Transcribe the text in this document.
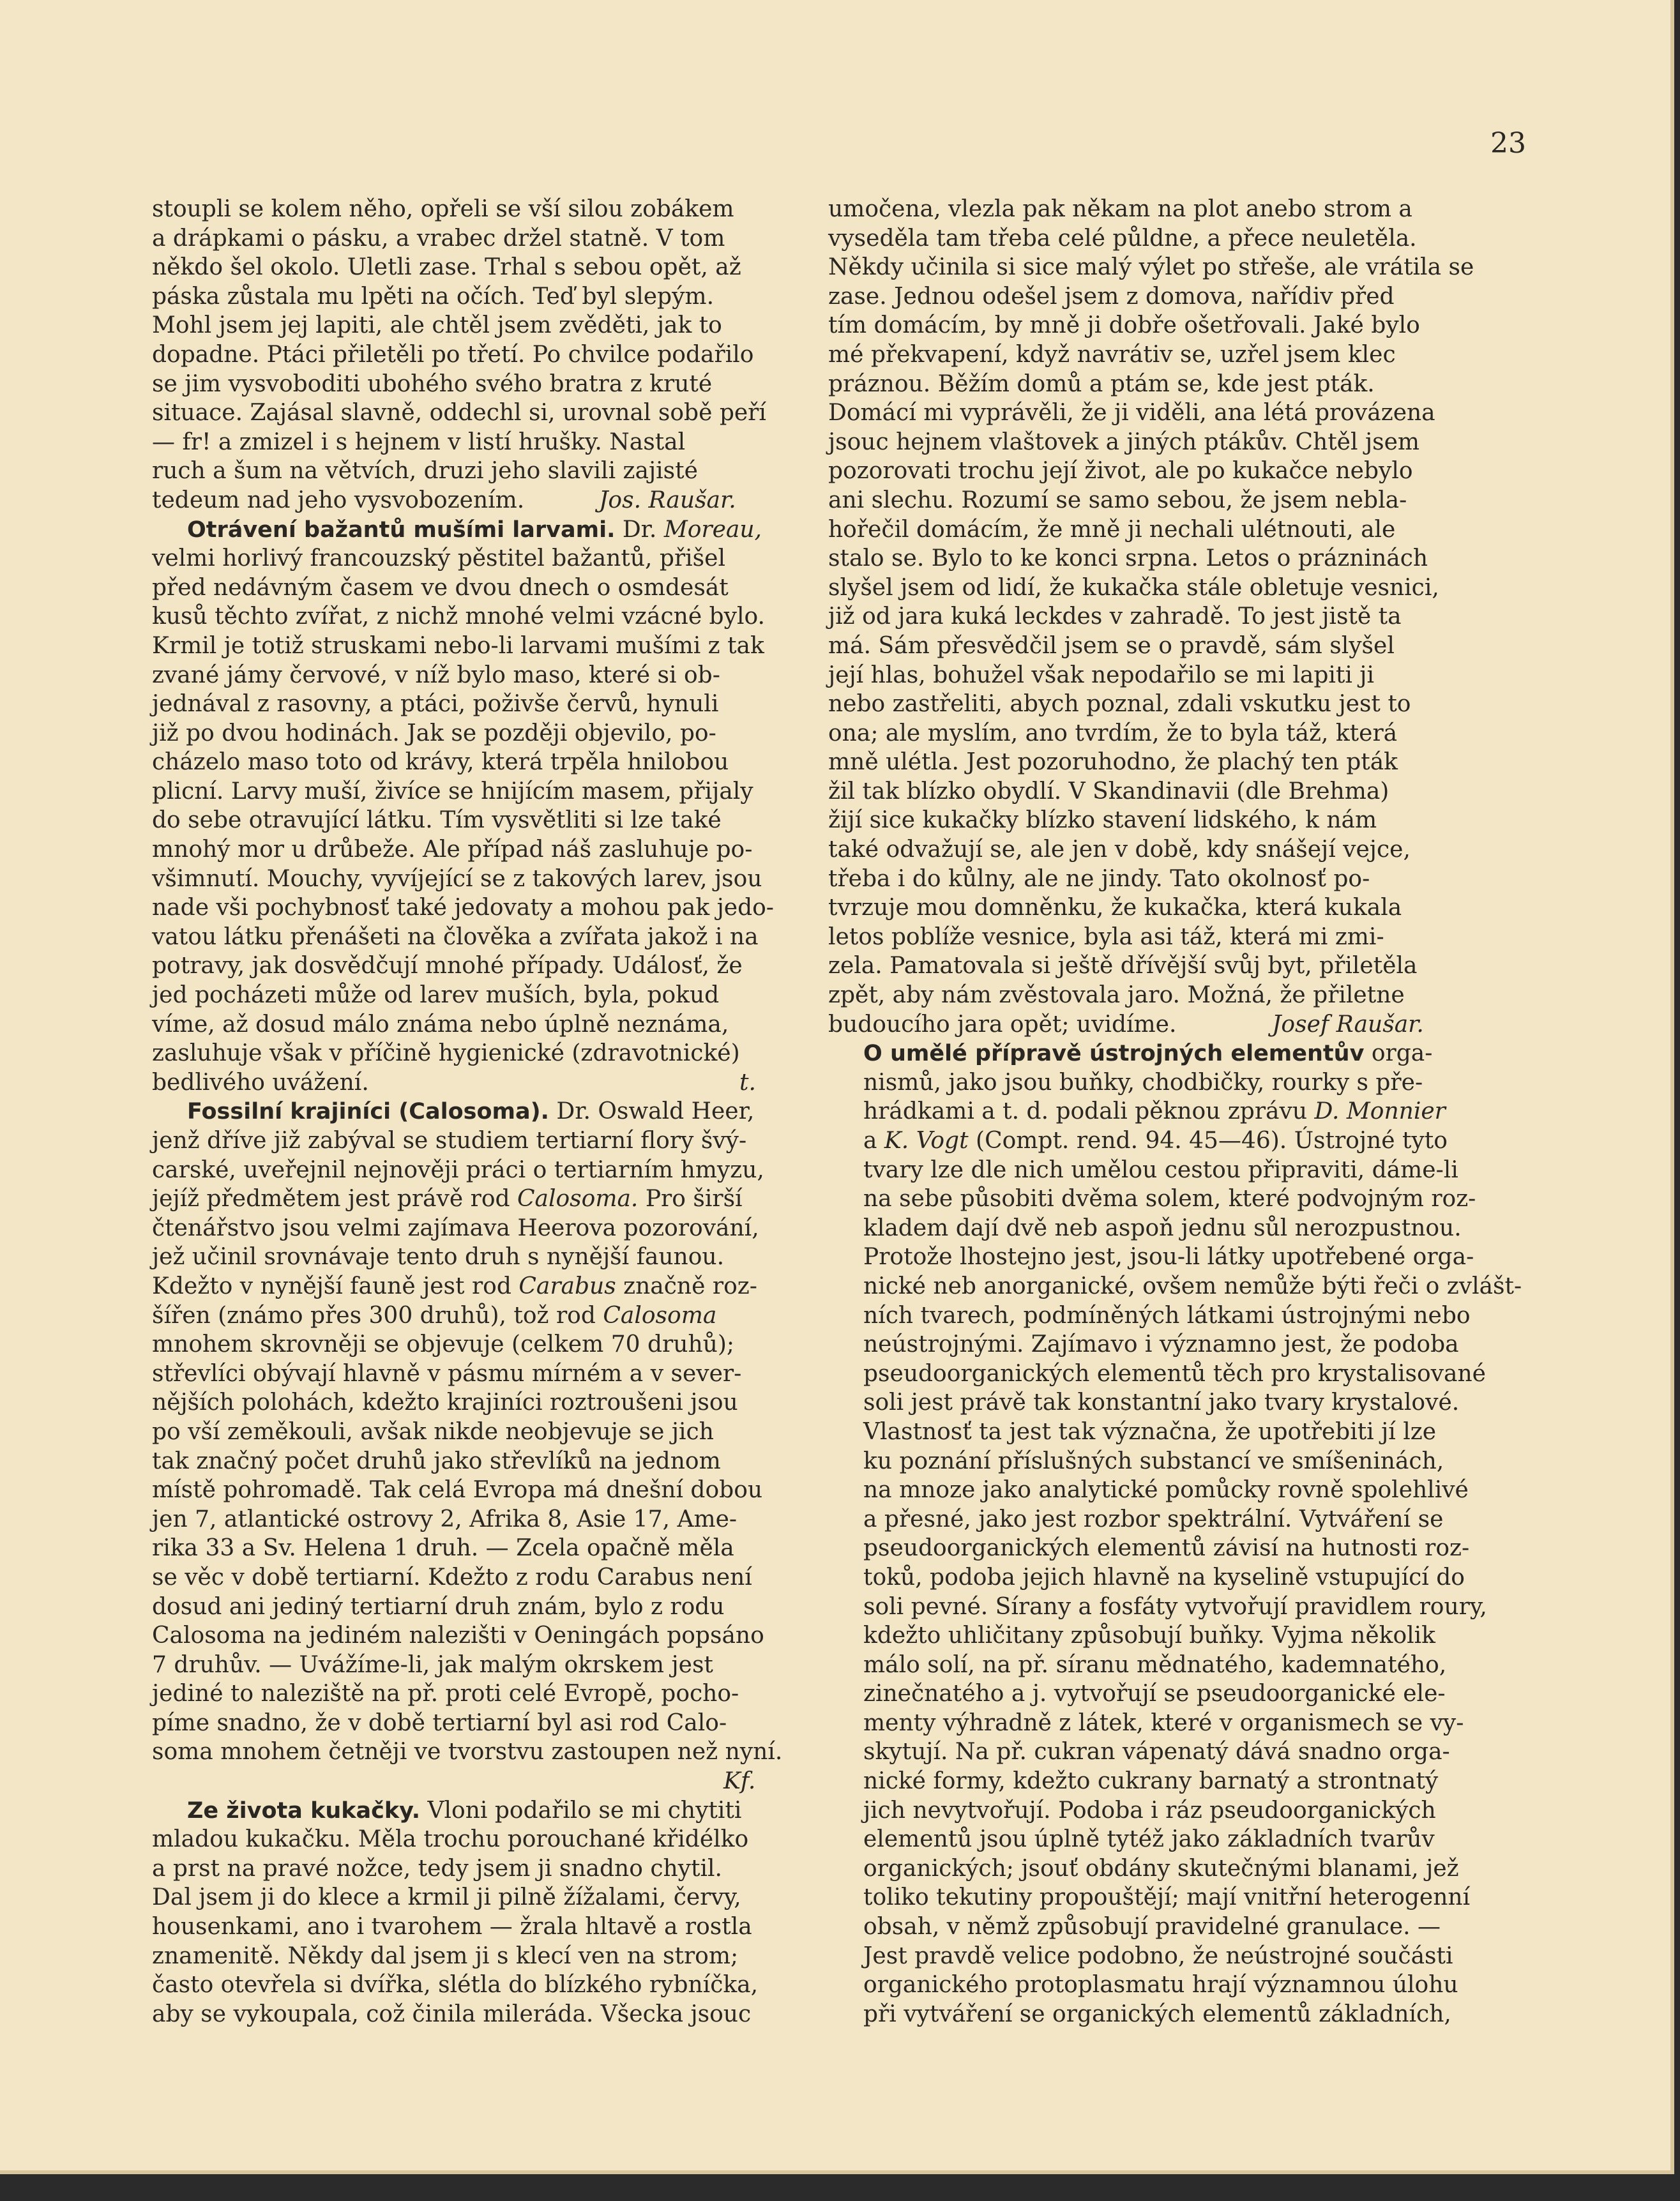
23
stoupli se kolem něho, opřeli se vší silou zobákem
a drápkami o pásku, a vrabec držel statně. V tom
někdo šel okolo. Uletli zase. Trhal s sebou opět, až
páska zůstala mu lpěti na očích. Teď byl slepým.
Mohl jsem jej lapiti, ale chtěl jsem zvěděti, jak to
dopadne. Ptáci přiletěli po třetí. Po chvilce podařilo
se jim vysvoboditi ubohého svého bratra z kruté
situace. Zajásal slavně, oddechl si, urovnal sobě peří
— fr! a zmizel i s hejnem v listí hrušky. Nastal
ruch a šum na větvích, druzi jeho slavili zajisté
tedeum nad jeho vysvobozením.	Jos. Raušar.
Otrávení bažantů mušími larvami. Dr. Moreau,
velmi horlivý francouzský pěstitel bažantů, přišel
před nedávným časem ve dvou dnech o osmdesát
kusů těchto zvířat, z nichž mnohé velmi vzácné bylo.
Krmil je totiž struskami nebo-li larvami mušími z tak
zvané jámy červové, v níž bylo maso, které si ob-
jednával z rasovny, a ptáci, poživše červů, hynuli
již po dvou hodinách. Jak se později objevilo, po-
cházelo maso toto od krávy, která trpěla hnilobou
plicní. Larvy muší, živíce se hnijícím masem, přijaly
do sebe otravující látku. Tím vysvětliti si lze také
mnohý mor u drůbeže. Ale případ náš zasluhuje po-
všimnutí. Mouchy, vyvíjející se z takových larev, jsou
nade vši pochybnosť také jedovaty a mohou pak jedo-
vatou látku přenášeti na člověka a zvířata jakož i na
potravy, jak dosvědčují mnohé případy. Událosť, že
jed pocházeti může od larev muších, byla, pokud
víme, až dosud málo známa nebo úplně neznáma,
zasluhuje však v příčině hygienické (zdravotnické)
bedlivého uvážení.	t.
Fossilní krajiníci (Calosoma). Dr. Oswald Heer,
jenž dříve již zabýval se studiem tertiarní flory švý-
carské, uveřejnil nejnověji práci o tertiarním hmyzu,
jejíž předmětem jest právě rod Calosoma. Pro širší
čtenářstvo jsou velmi zajímava Heerova pozorování,
jež učinil srovnávaje tento druh s nynější faunou.
Kdežto v nynější fauně jest rod Carabus značně roz-
šířen (známo přes 300 druhů), tož rod Calosoma
mnohem skrovněji se objevuje (celkem 70 druhů);
střevlíci obývají hlavně v pásmu mírném a v sever-
nějších polohách, kdežto krajiníci roztroušeni jsou
po vší zeměkouli, avšak nikde neobjevuje se jich
tak značný počet druhů jako střevlíků na jednom
místě pohromadě. Tak celá Evropa má dnešní dobou
jen 7, atlantické ostrovy 2, Afrika 8, Asie 17, Ame-
rika 33 a Sv. Helena 1 druh. — Zcela opačně měla
se věc v době tertiarní. Kdežto z rodu Carabus není
dosud ani jediný tertiarní druh znám, bylo z rodu
Calosoma na jediném nalezišti v Oeningách popsáno
7 druhův. — Uvážíme-li, jak malým okrskem jest
jediné to naleziště na př. proti celé Evropě, pocho-
píme snadno, že v době tertiarní byl asi rod Calo-
soma mnohem četněji ve tvorstvu zastoupen než nyní.
Kf.
Ze života kukačky. Vloni podařilo se mi chytiti
mladou kukačku. Měla trochu porouchané křidélko
a prst na pravé nožce, tedy jsem ji snadno chytil.
Dal jsem ji do klece a krmil ji pilně žížalami, červy,
housenkami, ano i tvarohem — žrala hltavě a rostla
znamenitě. Někdy dal jsem ji s klecí ven na strom;
často otevřela si dvířka, slétla do blízkého rybníčka,
aby se vykoupala, což činila mileráda. Všecka jsouc
umočena, vlezla pak někam na plot anebo strom a
vyseděla tam třeba celé půldne, a přece neuletěla.
Někdy učinila si sice malý výlet po střeše, ale vrátila se
zase. Jednou odešel jsem z domova, nařídiv před
tím domácím, by mně ji dobře ošetřovali. Jaké bylo
mé překvapení, když navrátiv se, uzřel jsem klec
práznou. Běžím domů a ptám se, kde jest pták.
Domácí mi vyprávěli, že ji viděli, ana létá provázena
jsouc hejnem vlaštovek a jiných ptákův. Chtěl jsem
pozorovati trochu její život, ale po kukačce nebylo
ani slechu. Rozumí se samo sebou, že jsem nebla-
hořečil domácím, že mně ji nechali ulétnouti, ale
stalo se. Bylo to ke konci srpna. Letos o prázninách
slyšel jsem od lidí, že kukačka stále obletuje vesnici,
již od jara kuká leckdes v zahradě. To jest jistě ta
má. Sám přesvědčil jsem se o pravdě, sám slyšel
její hlas, bohužel však nepodařilo se mi lapiti ji
nebo zastřeliti, abych poznal, zdali vskutku jest to
ona; ale myslím, ano tvrdím, že to byla táž, která
mně ulétla. Jest pozoruhodno, že plachý ten pták
žil tak blízko obydlí. V Skandinavii (dle Brehma)
žijí sice kukačky blízko stavení lidského, k nám
také odvažují se, ale jen v době, kdy snášejí vejce,
třeba i do kůlny, ale ne jindy. Tato okolnosť po-
tvrzuje mou domněnku, že kukačka, která kukala
letos poblíže vesnice, byla asi táž, která mi zmi-
zela. Pamatovala si ještě dřívější svůj byt, přiletěla
zpět, aby nám zvěstovala jaro. Možná, že přiletne
budoucího jara opět; uvidíme.	Josef Raušar.
O umělé přípravě ústrojných elementův orga-
nismů, jako jsou buňky, chodbičky, rourky s pře-
hrádkami a t. d. podali pěknou zprávu D. Monnier
a K. Vogt (Compt. rend. 94. 45—46). Ústrojné tyto
tvary lze dle nich umělou cestou připraviti, dáme-li
na sebe působiti dvěma solem, které podvojným roz-
kladem dají dvě neb aspoň jednu sůl nerozpustnou.
Protože lhostejno jest, jsou-li látky upotřebené orga-
nické neb anorganické, ovšem nemůže býti řeči o zvlášt-
ních tvarech, podmíněných látkami ústrojnými nebo
neústrojnými. Zajímavo i významno jest, že podoba
pseudoorganických elementů těch pro krystalisované
soli jest právě tak konstantní jako tvary krystalové.
Vlastnosť ta jest tak význačna, že upotřebiti jí lze
ku poznání příslušných substancí ve smíšeninách,
na mnoze jako analytické pomůcky rovně spolehlivé
a přesné, jako jest rozbor spektrální. Vytváření se
pseudoorganických elementů závisí na hutnosti roz-
toků, podoba jejich hlavně na kyselině vstupující do
soli pevné. Sírany a fosfáty vytvořují pravidlem roury,
kdežto uhličitany způsobují buňky. Vyjma několik
málo solí, na př. síranu mědnatého, kademnatého,
zinečnatého a j. vytvořují se pseudoorganické ele-
menty výhradně z látek, které v organismech se vy-
skytují. Na př. cukran vápenatý dává snadno orga-
nické formy, kdežto cukrany barnatý a strontnatý
jich nevytvořují. Podoba i ráz pseudoorganických
elementů jsou úplně tytéž jako základních tvarův
organických; jsouť obdány skutečnými blanami, jež
toliko tekutiny propouštějí; mají vnitřní heterogenní
obsah, v němž způsobují pravidelné granulace. —
Jest pravdě velice podobno, že neústrojné součásti
organického protoplasmatu hrají významnou úlohu
při vytváření se organických elementů základních,
